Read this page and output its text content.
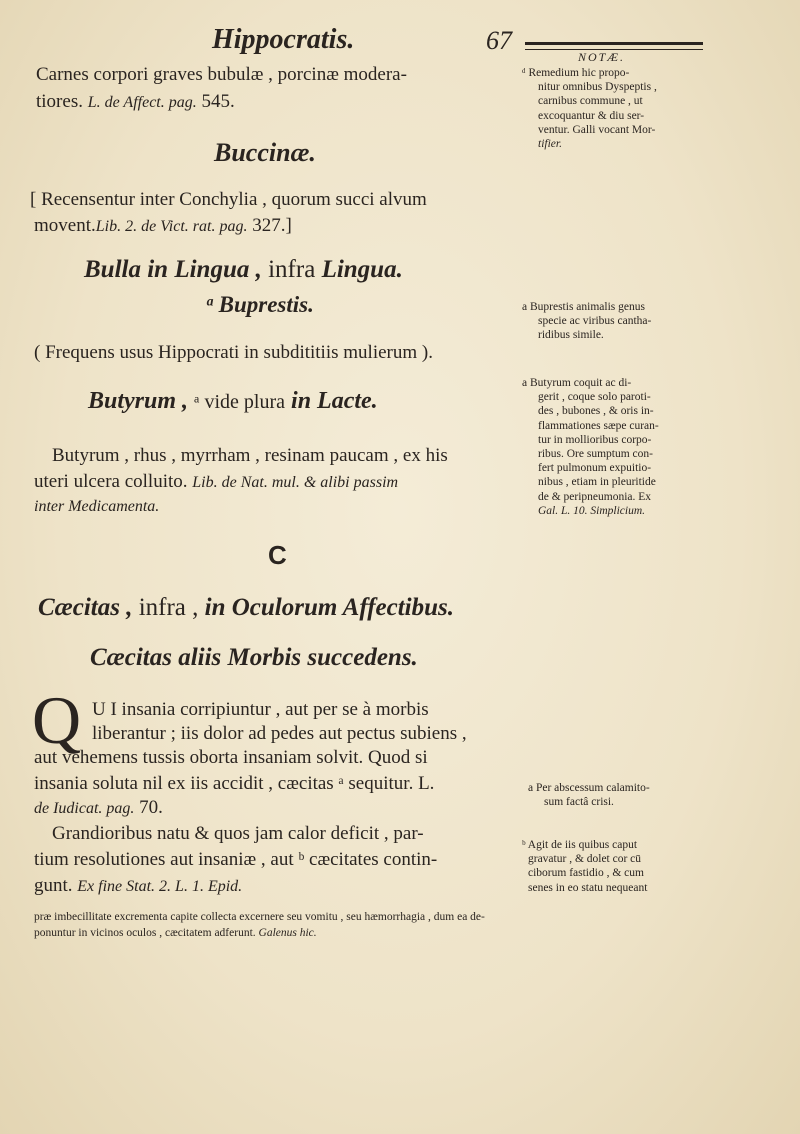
Hippocratis.	67
NOTÆ.
Carnes corpori graves bubulæ , porcinæ modera-
tiores. L. de Affect. pag. 545.
Buccinæ.
[ Recensentur inter Conchylia , quorum succi alvum
movent.Lib. 2. de Vict. rat. pag. 327.]
Bulla in Lingua , infra Lingua.
ᵃ Buprestis.
( Frequens usus Hippocrati in subdititiis mulierum ).
Butyrum , ᵃ vide plura in Lacte.
Butyrum , rhus , myrrham , resinam paucam , ex his
uteri ulcera colluito. Lib. de Nat. mul. & alibi passim
inter Medicamenta.
C
Cæcitas , infra , in Oculorum Affectibus.
Cæcitas aliis Morbis succedens.
Q U I insania corripiuntur , aut per se à morbis
liberantur ; iis dolor ad pedes aut pectus subiens ,
aut vehemens tussis oborta insaniam solvit. Quod si
insania soluta nil ex iis accidit , cæcitas ᵃ sequitur. L.
de Iudicat. pag. 70.
Grandioribus natu & quos jam calor deficit , par-
tium resolutiones aut insaniæ , aut ᵇ cæcitates contin-
gunt. Ex fine Stat. 2. L. 1. Epid.
præ imbecillitate excrementa capite collecta excernere seu vomitu , seu hæmorrhagia , dum ea de-
ponuntur in vicinos oculos , cæcitatem adferunt. Galenus hic.
ᵈ Remedium hic propo-
nitur omnibus Dyspeptis ,
carnibus commune , ut
excoquantur & diu ser-
ventur. Galli vocant Mor-
tifier.
a Buprestis animalis genus
specie ac viribus cantha-
ridibus simile.
a Butyrum coquit ac di-
gerit , coque solo paroti-
des , bubones , & oris in-
flammationes sæpe curan-
tur in mollioribus corpo-
ribus. Ore sumptum con-
fert pulmonum expuitio-
nibus , etiam in pleuritide
de & peripneumonia. Ex
Gal. L. 10. Simplicium.
a Per abscessum calamito-
sum factâ crisi.
ᵇ Agit de iis quibus caput
gravatur , & dolet cor cū
ciborum fastidio , & cum
senes in eo statu nequeant
